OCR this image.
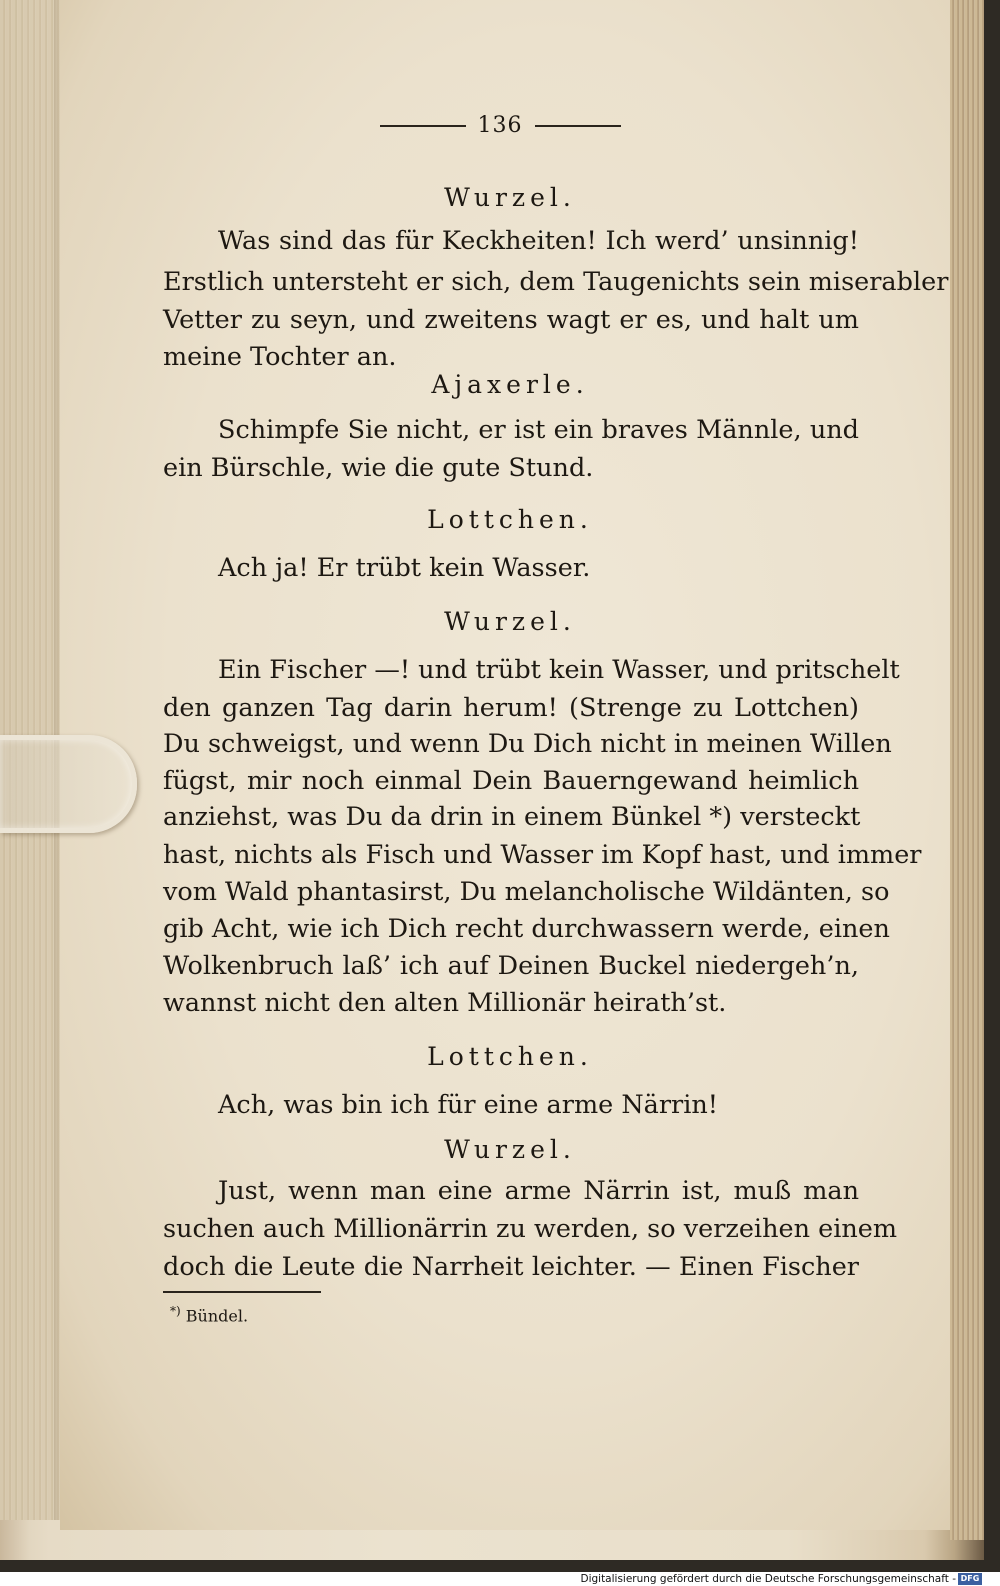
136
Wurzel.
Was sind das für Keckheiten! Ich werd’ unsinnig!
Erstlich untersteht er sich, dem Taugenichts sein miserabler
Vetter zu seyn, und zweitens wagt er es, und halt um
meine Tochter an.
Ajaxerle.
Schimpfe Sie nicht, er ist ein braves Männle, und
ein Bürschle, wie die gute Stund.
Lottchen.
Ach ja! Er trübt kein Wasser.
Wurzel.
Ein Fischer —! und trübt kein Wasser, und pritschelt
den ganzen Tag darin herum! (Strenge zu Lottchen)
Du schweigst, und wenn Du Dich nicht in meinen Willen
fügst, mir noch einmal Dein Bauerngewand heimlich
anziehst, was Du da drin in einem Bünkel *) versteckt
hast, nichts als Fisch und Wasser im Kopf hast, und immer
vom Wald phantasirst, Du melancholische Wildänten, so
gib Acht, wie ich Dich recht durchwassern werde, einen
Wolkenbruch laß’ ich auf Deinen Buckel niedergeh’n,
wannst nicht den alten Millionär heirath’st.
Lottchen.
Ach, was bin ich für eine arme Närrin!
Wurzel.
Just, wenn man eine arme Närrin ist, muß man
suchen auch Millionärrin zu werden, so verzeihen einem
doch die Leute die Narrheit leichter. — Einen Fischer
*) Bündel.
Digitalisierung gefördert durch die Deutsche Forschungsgemeinschaft - DFG
